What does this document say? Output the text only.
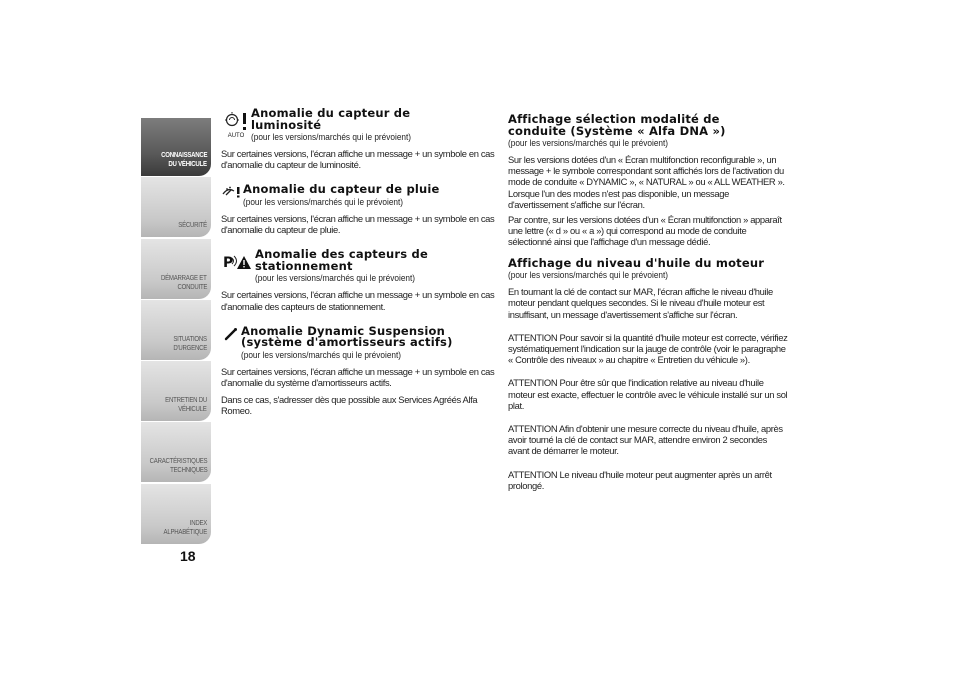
CONNAISSANCE
DU VÉHICULE
SÉCURITÉ
DÉMARRAGE ET
CONDUITE
SITUATIONS
D'URGENCE
ENTRETIEN DU
VÉHICULE
CARACTÉRISTIQUES
TECHNIQUES
INDEX
ALPHABÉTIQUE
18
AUTO
Anomalie du capteur de
luminosité
(pour les versions/marchés qui le prévoient)

Sur certaines versions, l'écran affiche un message + un symbole en cas d'anomalie du capteur de luminosité.

Anomalie du capteur de pluie
(pour les versions/marchés qui le prévoient)

Sur certaines versions, l'écran affiche un message + un symbole en cas d'anomalie du capteur de pluie.

P
Anomalie des capteurs de
stationnement
(pour les versions/marchés qui le prévoient)

Sur certaines versions, l'écran affiche un message + un symbole en cas d'anomalie des capteurs de stationnement.

Anomalie Dynamic Suspension
(système d'amortisseurs actifs)
(pour les versions/marchés qui le prévoient)

Sur certaines versions, l'écran affiche un message + un symbole en cas d'anomalie du système d'amortisseurs actifs.

Dans ce cas, s'adresser dès que possible aux Services Agréés Alfa Romeo.

Affichage sélection modalité de
conduite (Système « Alfa DNA »)
(pour les versions/marchés qui le prévoient)

Sur les versions dotées d'un « Écran multifonction reconfigurable », un message + le symbole correspondant sont affichés lors de l'activation du mode de conduite « DYNAMIC », « NATURAL » ou « ALL WEATHER ». Lorsque l'un des modes n'est pas disponible, un message d'avertissement s'affiche sur l'écran.

Par contre, sur les versions dotées d'un « Écran multifonction » apparaît une lettre (« d » ou « a ») qui correspond au mode de conduite sélectionné ainsi que l'affichage d'un message dédié.

Affichage du niveau d'huile du moteur
(pour les versions/marchés qui le prévoient)

En tournant la clé de contact sur MAR, l'écran affiche le niveau d'huile moteur pendant quelques secondes. Si le niveau d'huile moteur est insuffisant, un message d'avertissement s'affiche sur l'écran.

ATTENTION Pour savoir si la quantité d'huile moteur est correcte, vérifiez systématiquement l'indication sur la jauge de contrôle (voir le paragraphe « Contrôle des niveaux » au chapitre « Entretien du véhicule »).

ATTENTION Pour être sûr que l'indication relative au niveau d'huile moteur est exacte, effectuer le contrôle avec le véhicule installé sur un sol plat.

ATTENTION Afin d'obtenir une mesure correcte du niveau d'huile, après avoir tourné la clé de contact sur MAR, attendre environ 2 secondes avant de démarrer le moteur.

ATTENTION Le niveau d'huile moteur peut augmenter après un arrêt prolongé.
